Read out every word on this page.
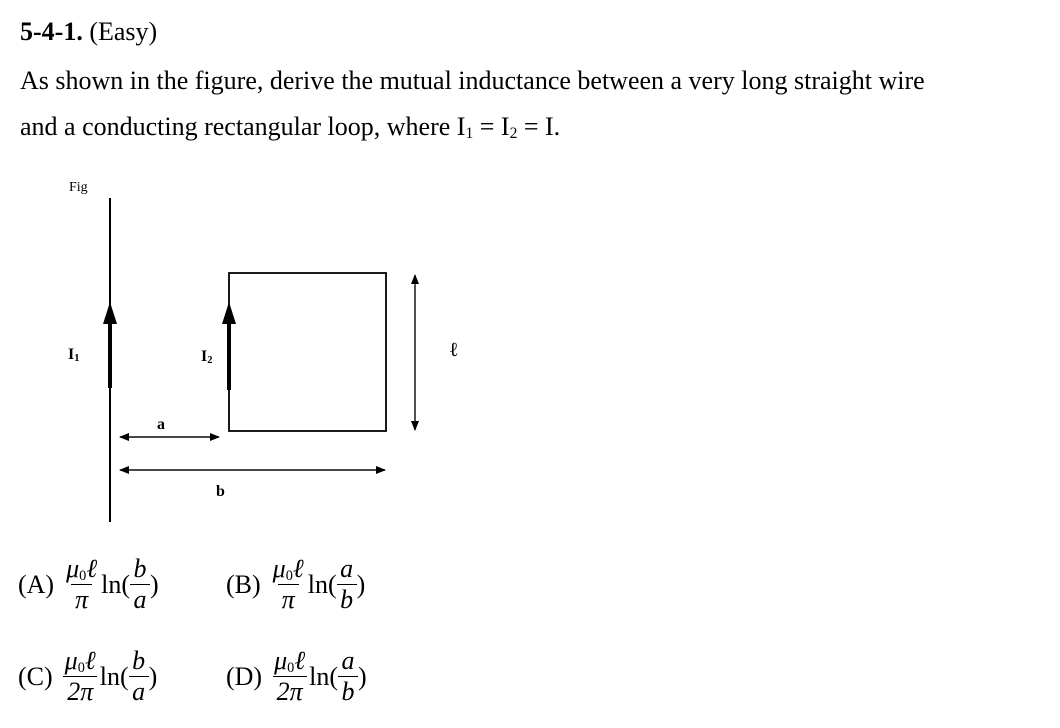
5-4-1. (Easy)
As shown in the figure, derive the mutual inductance between a very long straight wire
and a conducting rectangular loop, where $I_1 = I_2 = I$.
Fig
$I_1$	$I_2$
a
b
ℓ
$(A) \frac{\mu_0\ell}{\pi} \ln( \frac{b}{a}$ )	$(B) \frac{\mu_0\ell}{\pi} \ln( \frac{a}{b}$ )
$(C) \frac{\mu_0\ell}{2\pi} \ln( \frac{b}{a}$ )	$(D) \frac{\mu_0\ell}{2\pi} \ln( \frac{a}{b}$ )
